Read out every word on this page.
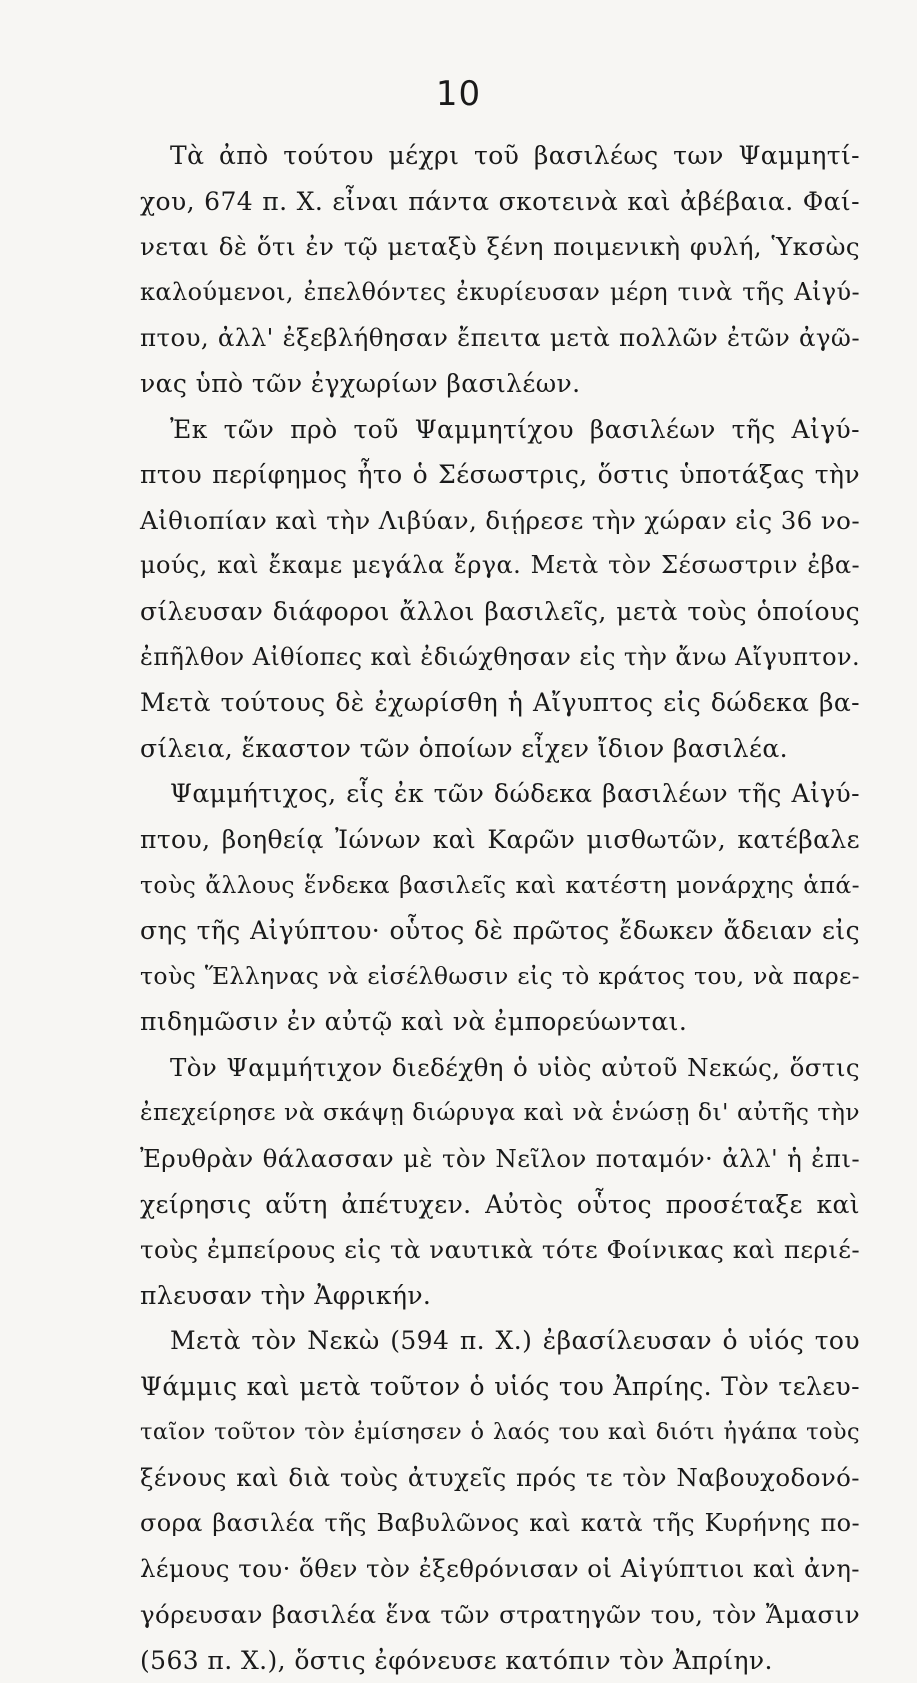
10
Τὰ ἀπὸ τούτου μέχρι τοῦ βασιλέως των Ψαμμητί-
χου, 674 π. Χ. εἶναι πάντα σκοτεινὰ καὶ ἀβέβαια. Φαί-
νεται δὲ ὅτι ἐν τῷ μεταξὺ ξένη ποιμενικὴ φυλή, Ὑκσὼς
καλούμενοι, ἐπελθόντες ἐκυρίευσαν μέρη τινὰ τῆς Αἰγύ-
πτου, ἀλλ' ἐξεβλήθησαν ἔπειτα μετὰ πολλῶν ἐτῶν ἀγῶ-
νας ὑπὸ τῶν ἐγχωρίων βασιλέων.
Ἐκ τῶν πρὸ τοῦ Ψαμμητίχου βασιλέων τῆς Αἰγύ-
πτου περίφημος ἦτο ὁ Σέσωστρις, ὅστις ὑποτάξας τὴν
Αἰθιοπίαν καὶ τὴν Λιβύαν, διῄρεσε τὴν χώραν εἰς 36 νο-
μούς, καὶ ἔκαμε μεγάλα ἔργα. Μετὰ τὸν Σέσωστριν ἐβα-
σίλευσαν διάφοροι ἄλλοι βασιλεῖς, μετὰ τοὺς ὁποίους
ἐπῆλθον Αἰθίοπες καὶ ἐδιώχθησαν εἰς τὴν ἄνω Αἴγυπτον.
Μετὰ τούτους δὲ ἐχωρίσθη ἡ Αἴγυπτος εἰς δώδεκα βα-
σίλεια, ἕκαστον τῶν ὁποίων εἶχεν ἴδιον βασιλέα.
Ψαμμήτιχος, εἷς ἐκ τῶν δώδεκα βασιλέων τῆς Αἰγύ-
πτου, βοηθείᾳ Ἰώνων καὶ Καρῶν μισθωτῶν, κατέβαλε
τοὺς ἄλλους ἕνδεκα βασιλεῖς καὶ κατέστη μονάρχης ἁπά-
σης τῆς Αἰγύπτου· οὗτος δὲ πρῶτος ἔδωκεν ἄδειαν εἰς
τοὺς Ἕλληνας νὰ εἰσέλθωσιν εἰς τὸ κράτος του, νὰ παρε-
πιδημῶσιν ἐν αὐτῷ καὶ νὰ ἐμπορεύωνται.
Τὸν Ψαμμήτιχον διεδέχθη ὁ υἱὸς αὐτοῦ Νεκώς, ὅστις
ἐπεχείρησε νὰ σκάψῃ διώρυγα καὶ νὰ ἑνώσῃ δι' αὐτῆς τὴν
Ἐρυθρὰν θάλασσαν μὲ τὸν Νεῖλον ποταμόν· ἀλλ' ἡ ἐπι-
χείρησις αὕτη ἀπέτυχεν. Αὐτὸς οὗτος προσέταξε καὶ
τοὺς ἐμπείρους εἰς τὰ ναυτικὰ τότε Φοίνικας καὶ περιέ-
πλευσαν τὴν Ἀφρικήν.
Μετὰ τὸν Νεκὼ (594 π. Χ.) ἐβασίλευσαν ὁ υἱός του
Ψάμμις καὶ μετὰ τοῦτον ὁ υἱός του Ἀπρίης. Τὸν τελευ-
ταῖον τοῦτον τὸν ἐμίσησεν ὁ λαός του καὶ διότι ἠγάπα τοὺς
ξένους καὶ διὰ τοὺς ἀτυχεῖς πρός τε τὸν Ναβουχοδονό-
σορα βασιλέα τῆς Βαβυλῶνος καὶ κατὰ τῆς Κυρήνης πο-
λέμους του· ὅθεν τὸν ἐξεθρόνισαν οἱ Αἰγύπτιοι καὶ ἀνη-
γόρευσαν βασιλέα ἕνα τῶν στρατηγῶν του, τὸν Ἄμασιν
(563 π. Χ.), ὅστις ἐφόνευσε κατόπιν τὸν Ἀπρίην.
